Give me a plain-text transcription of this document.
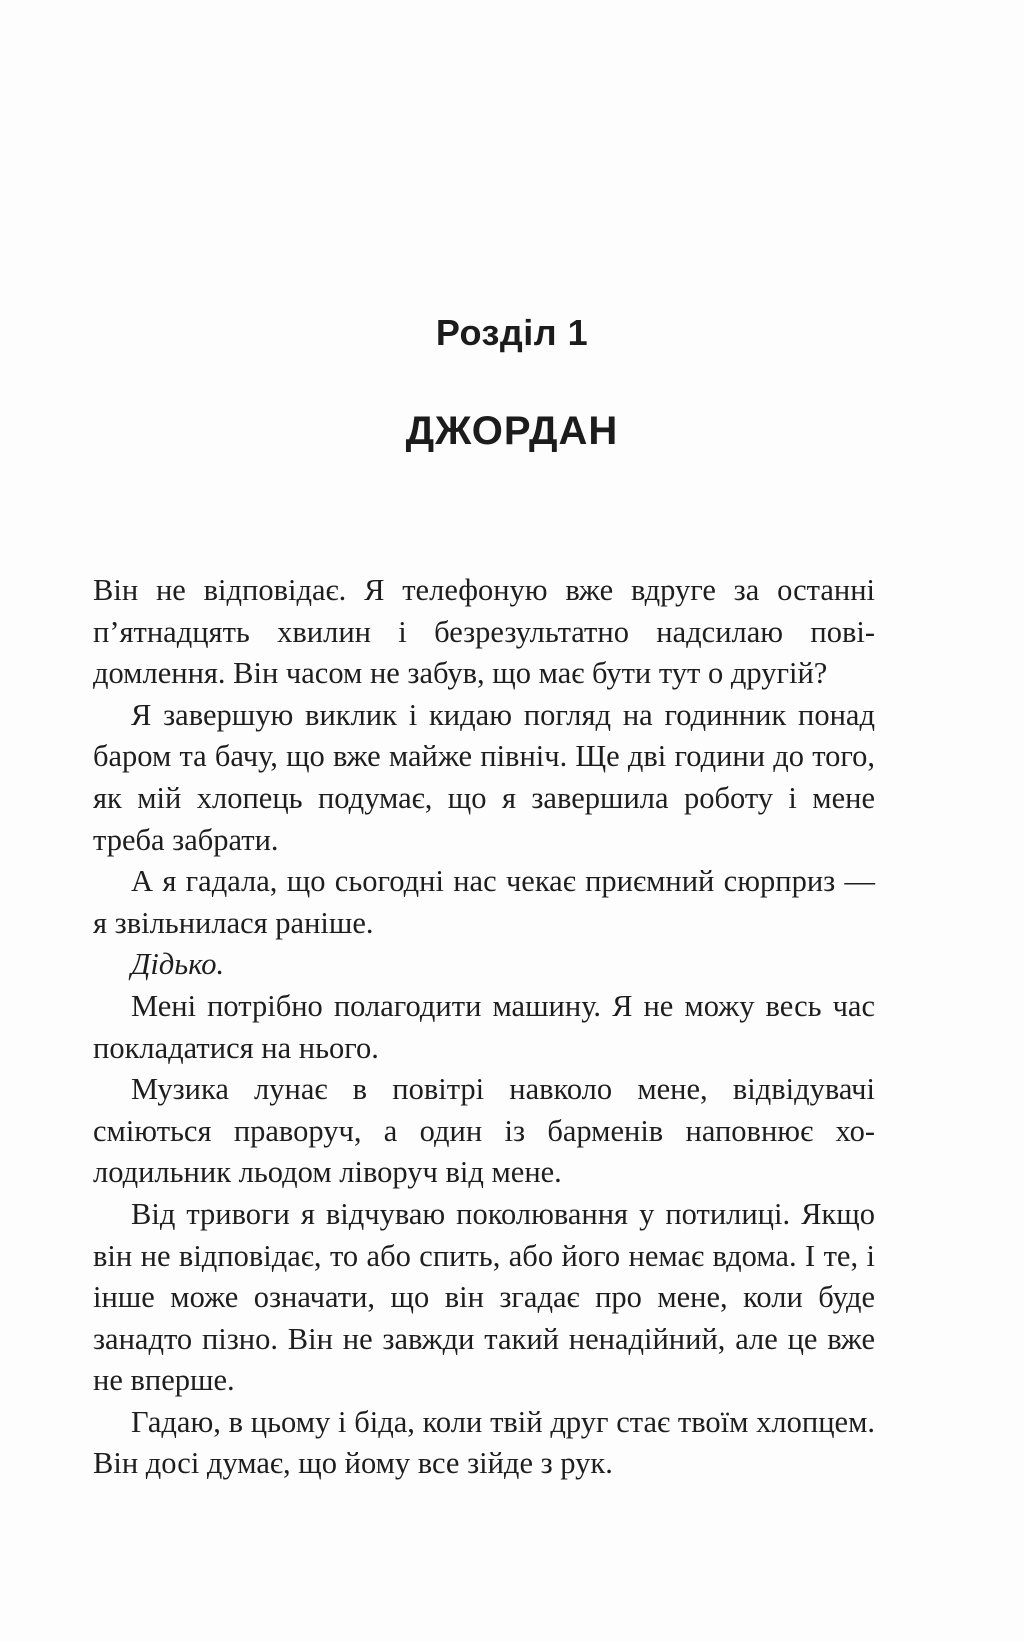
Розділ 1
ДЖОРДАН

Він не відповідає. Я телефоную вже вдруге за останні п’ятнадцять хвилин і безрезультатно надсилаю повідомлення. Він часом не забув, що має бути тут о другій?

Я завершую виклик і кидаю погляд на годинник понад баром та бачу, що вже майже північ. Ще дві години до того, як мій хлопець подумає, що я завершила роботу і мене треба забрати.

А я гадала, що сьогодні нас чекає приємний сюрприз — я звільнилася раніше.

Дідько.

Мені потрібно полагодити машину. Я не можу весь час покладатися на нього.

Музика лунає в повітрі навколо мене, відвідувачі сміються праворуч, а один із барменів наповнює холодильник льодом ліворуч від мене.

Від тривоги я відчуваю поколювання у потилиці. Якщо він не відповідає, то або спить, або його немає вдома. І те, і інше може означати, що він згадає про мене, коли буде занадто пізно. Він не завжди такий ненадійний, але це вже не вперше.

Гадаю, в цьому і біда, коли твій друг стає твоїм хлопцем. Він досі думає, що йому все зійде з рук.
